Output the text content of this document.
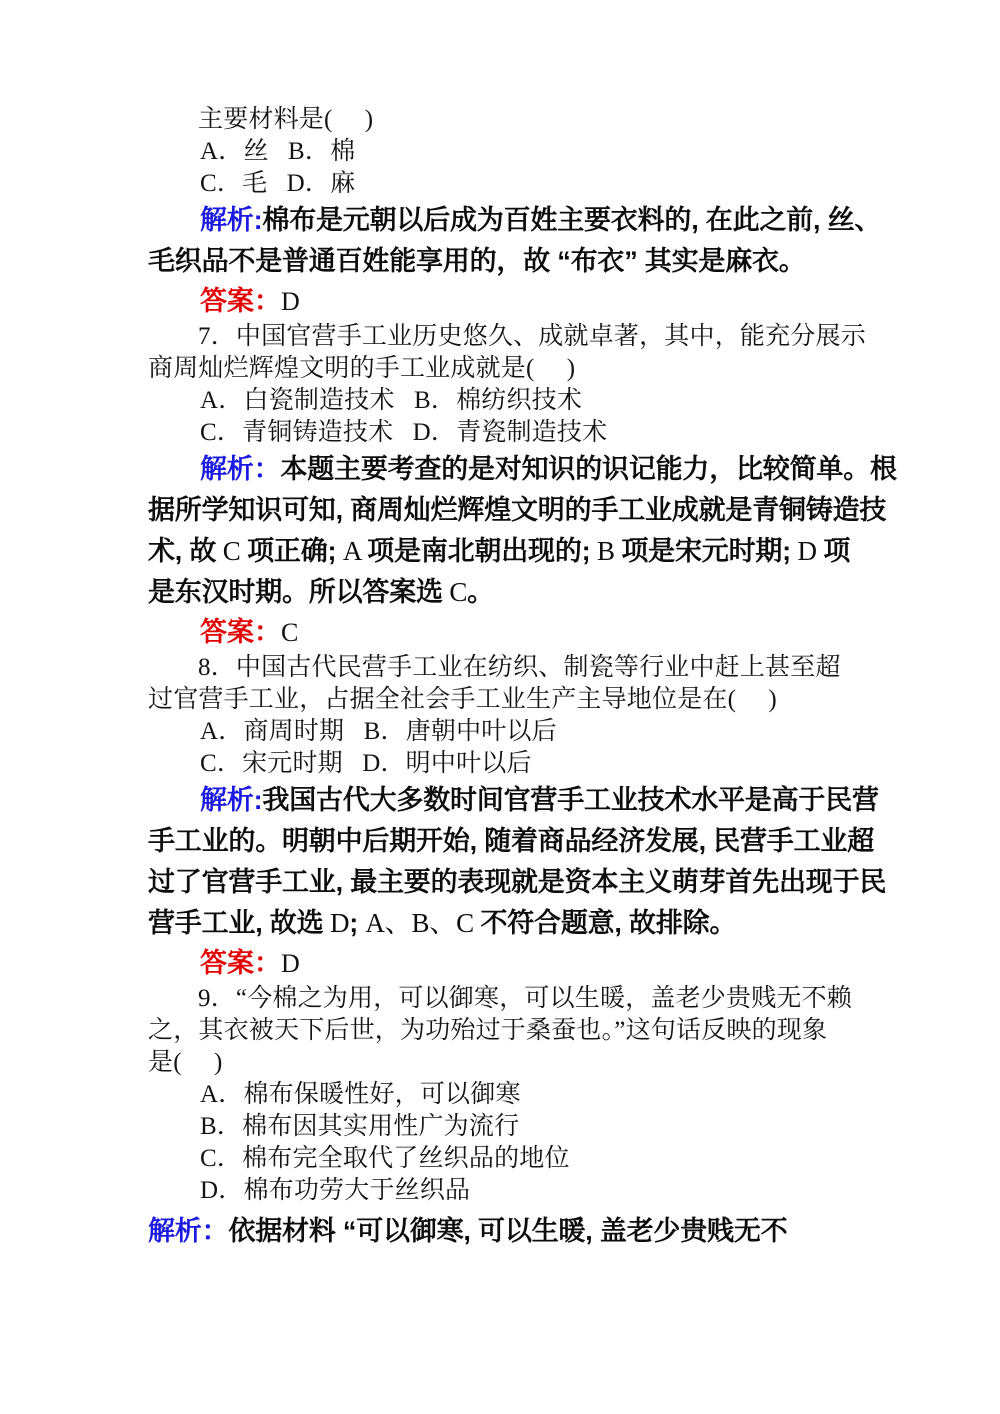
主要材料是(     )
A．丝   B．棉
C．毛   D．麻
解析:棉布是元朝以后成为百姓主要衣料的, 在此之前, 丝、
毛织品不是普通百姓能享用的，故 “布衣” 其实是麻衣。
答案：D
7．中国官营手工业历史悠久、成就卓著，其中，能充分展示
商周灿烂辉煌文明的手工业成就是(     )
A．白瓷制造技术   B．棉纺织技术
C．青铜铸造技术   D．青瓷制造技术
解析：本题主要考查的是对知识的识记能力，比较简单。根
据所学知识可知, 商周灿烂辉煌文明的手工业成就是青铜铸造技
术, 故 C 项正确; A 项是南北朝出现的; B 项是宋元时期; D 项
是东汉时期。所以答案选 C。
答案：C
8．中国古代民营手工业在纺织、制瓷等行业中赶上甚至超
过官营手工业，占据全社会手工业生产主导地位是在(     )
A．商周时期   B．唐朝中叶以后
C．宋元时期   D．明中叶以后
解析:我国古代大多数时间官营手工业技术水平是高于民营
手工业的。明朝中后期开始, 随着商品经济发展, 民营手工业超
过了官营手工业, 最主要的表现就是资本主义萌芽首先出现于民
营手工业, 故选 D; A、B、C 不符合题意, 故排除。
答案：D
9．“今棉之为用，可以御寒，可以生暖，盖老少贵贱无不赖
之，其衣被天下后世，为功殆过于桑蚕也。”这句话反映的现象
是(     )
A．棉布保暖性好，可以御寒
B．棉布因其实用性广为流行
C．棉布完全取代了丝织品的地位
D．棉布功劳大于丝织品
解析：依据材料 “可以御寒, 可以生暖, 盖老少贵贱无不
